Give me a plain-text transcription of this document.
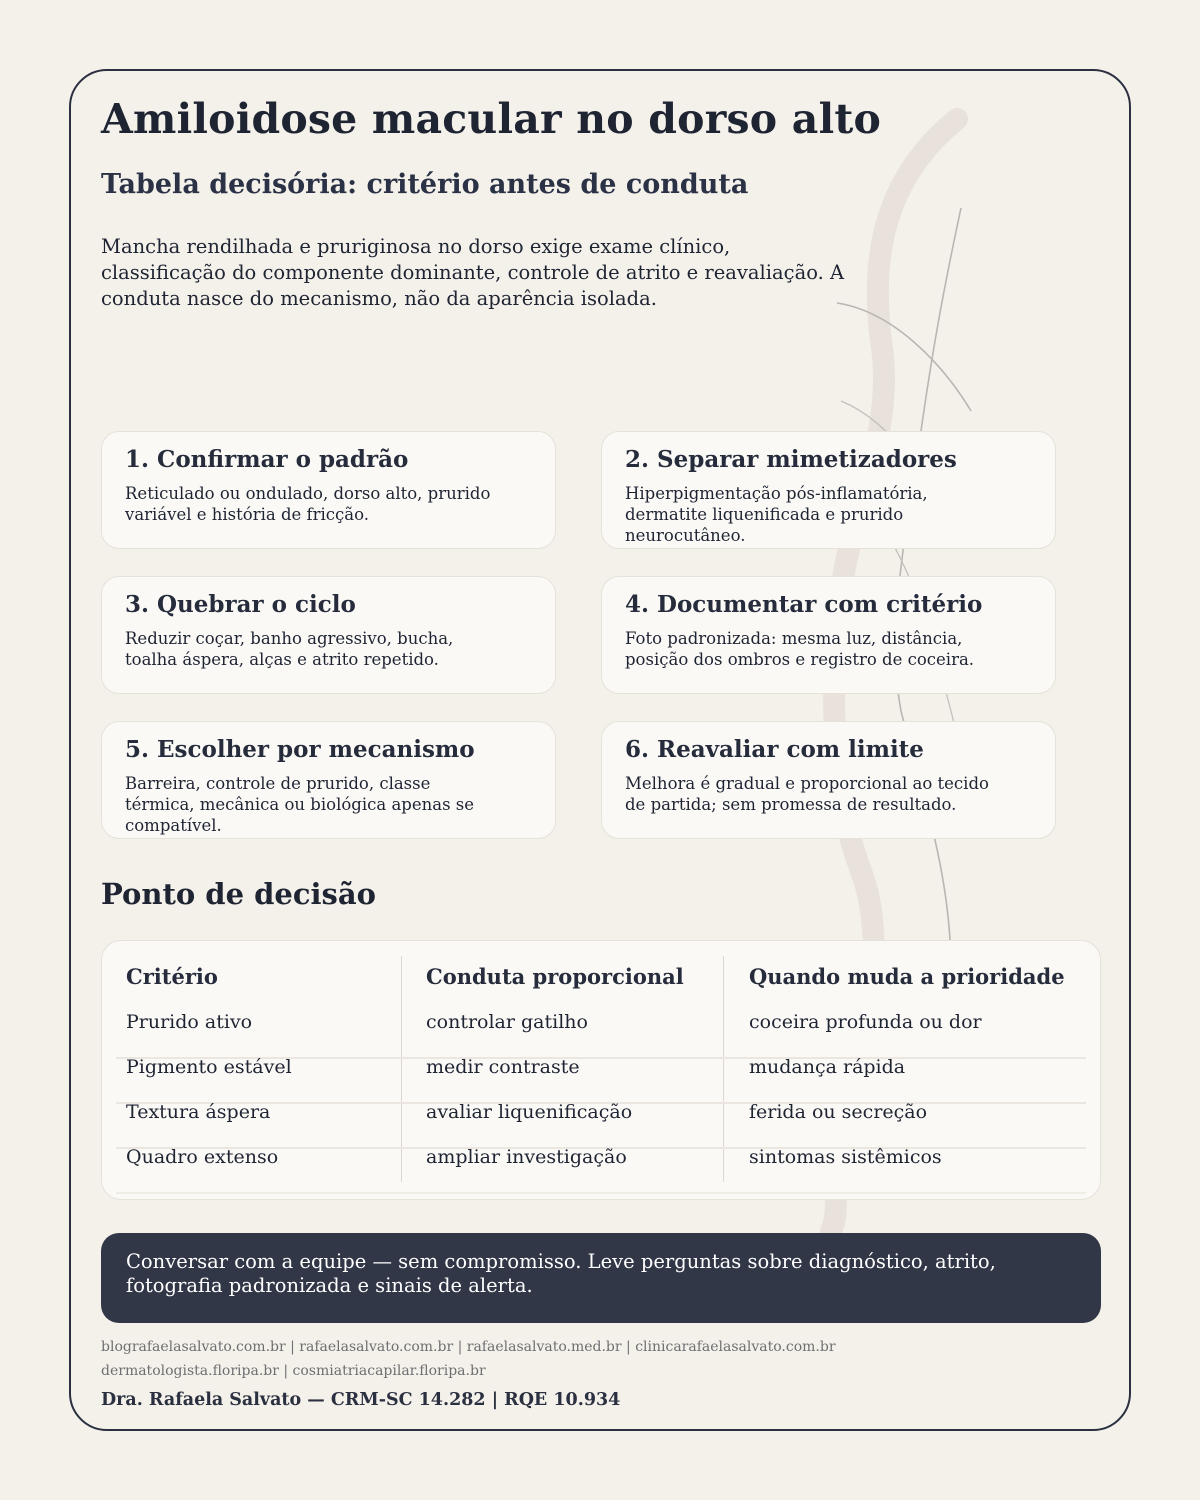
Amiloidose macular no dorso alto
Tabela decisória: critério antes de conduta

Mancha rendilhada e pruriginosa no dorso exige exame clínico, classificação do componente dominante, controle de atrito e reavaliação. A conduta nasce do mecanismo, não da aparência isolada.

1. Confirmar o padrão
Reticulado ou ondulado, dorso alto, prurido variável e história de fricção.
2. Separar mimetizadores
Hiperpigmentação pós-inflamatória, dermatite liquenificada e prurido neurocutâneo.
3. Quebrar o ciclo
Reduzir coçar, banho agressivo, bucha, toalha áspera, alças e atrito repetido.
4. Documentar com critério
Foto padronizada: mesma luz, distância, posição dos ombros e registro de coceira.
5. Escolher por mecanismo
Barreira, controle de prurido, classe térmica, mecânica ou biológica apenas se compatível.
6. Reavaliar com limite
Melhora é gradual e proporcional ao tecido de partida; sem promessa de resultado.
Ponto de decisão
Critério	Conduta proporcional	Quando muda a prioridade
Prurido ativo	controlar gatilho	coceira profunda ou dor
Pigmento estável	medir contraste	mudança rápida
Textura áspera	avaliar liquenificação	ferida ou secreção
Quadro extenso	ampliar investigação	sintomas sistêmicos
Conversar com a equipe — sem compromisso. Leve perguntas sobre diagnóstico, atrito, fotografia padronizada e sinais de alerta.
blografaelasalvato.com.br | rafaelasalvato.com.br | rafaelasalvato.med.br | clinicarafaelasalvato.com.br
dermatologista.floripa.br | cosmiatriacapilar.floripa.br
Dra. Rafaela Salvato — CRM-SC 14.282 | RQE 10.934
